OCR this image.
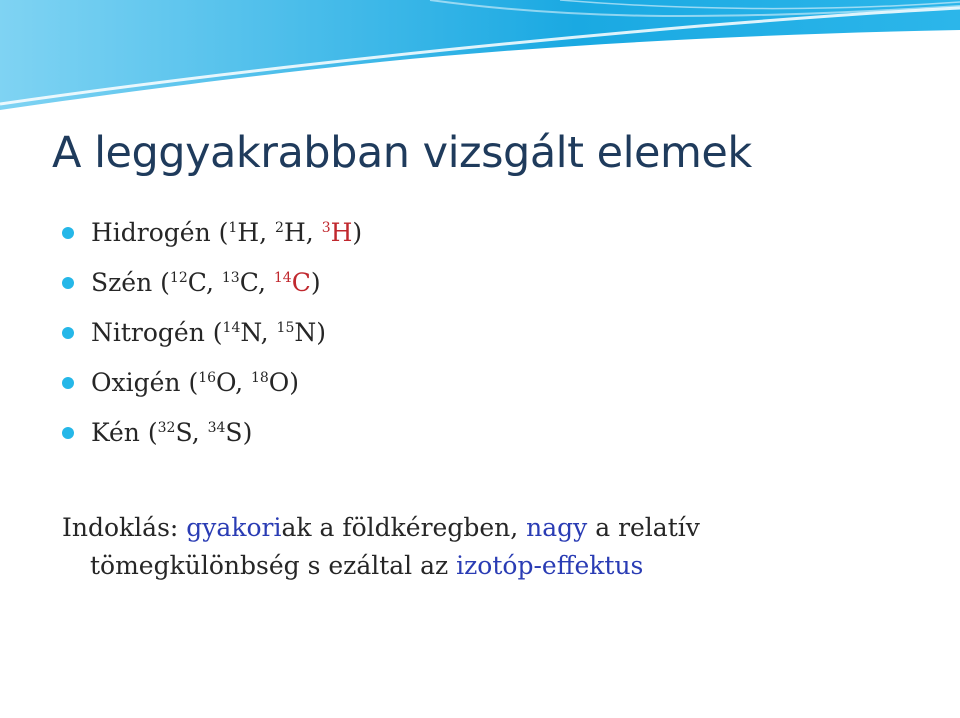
A leggyakrabban vizsgált elemek
Hidrogén ($^1$H, $^2$H, $^3$H)
Szén ($^{12}$C, $^{13}$C, $^{14}$C)
Nitrogén ($^{14}$N, $^{15}$N)
Oxigén ($^{16}$O, $^{18}$O)
Kén ($^{32}$S, $^{34}$S)

Indoklás: gyakoriak a földkéregben, nagy a relatív
tömegkülönbség s ezáltal az izotóp-effektus
